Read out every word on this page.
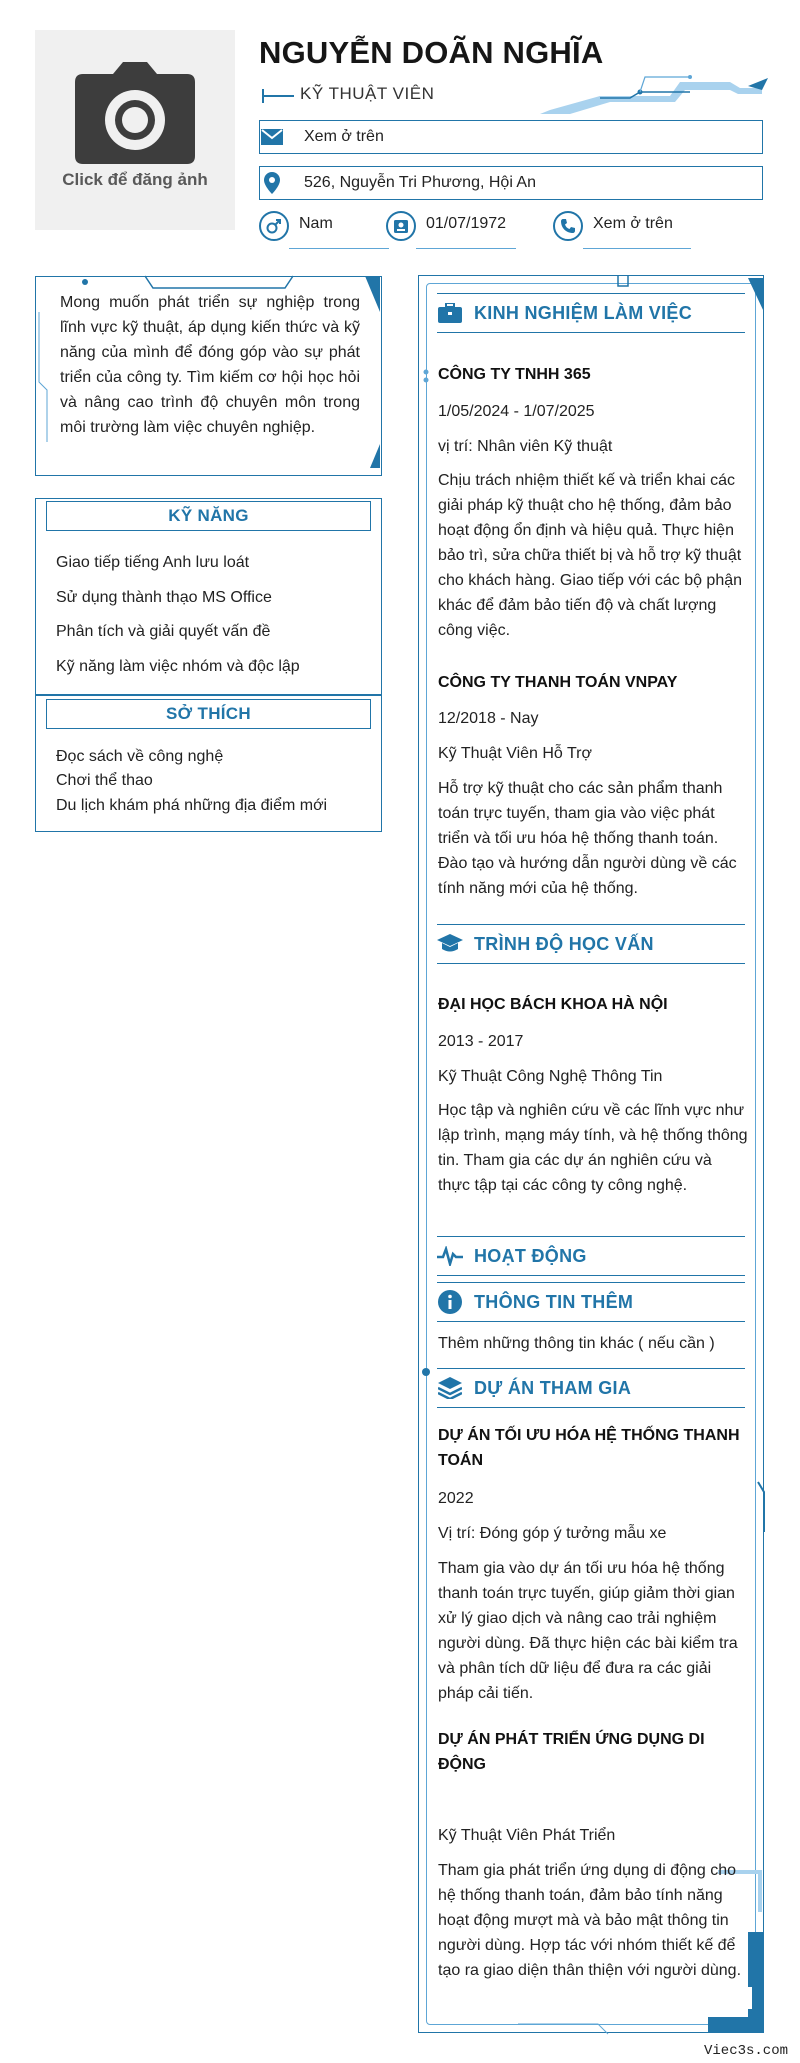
Click để đăng ảnh
NGUYỄN DOÃN NGHĨA
KỸ THUẬT VIÊN
Xem ở trên
526, Nguyễn Tri Phương, Hội An
Nam	01/07/1972	Xem ở trên
Mong muốn phát triển sự nghiệp trong lĩnh vực kỹ thuật, áp dụng kiến thức và kỹ năng của mình để đóng góp vào sự phát triển của công ty. Tìm kiếm cơ hội học hỏi và nâng cao trình độ chuyên môn trong môi trường làm việc chuyên nghiệp.
KỸ NĂNG
Giao tiếp tiếng Anh lưu loát
Sử dụng thành thạo MS Office
Phân tích và giải quyết vấn đề
Kỹ năng làm việc nhóm và độc lập
SỞ THÍCH
Đọc sách về công nghệ
Chơi thể thao
Du lịch khám phá những địa điểm mới
KINH NGHIỆM LÀM VIỆC
CÔNG TY TNHH 365
1/05/2024 - 1/07/2025
vị trí: Nhân viên Kỹ thuật
Chịu trách nhiệm thiết kế và triển khai các giải pháp kỹ thuật cho hệ thống, đảm bảo hoạt động ổn định và hiệu quả. Thực hiện bảo trì, sửa chữa thiết bị và hỗ trợ kỹ thuật cho khách hàng. Giao tiếp với các bộ phận khác để đảm bảo tiến độ và chất lượng công việc.
CÔNG TY THANH TOÁN VNPAY
12/2018 - Nay
Kỹ Thuật Viên Hỗ Trợ
Hỗ trợ kỹ thuật cho các sản phẩm thanh toán trực tuyến, tham gia vào việc phát triển và tối ưu hóa hệ thống thanh toán. Đào tạo và hướng dẫn người dùng về các tính năng mới của hệ thống.
TRÌNH ĐỘ HỌC VẤN
ĐẠI HỌC BÁCH KHOA HÀ NỘI
2013 - 2017
Kỹ Thuật Công Nghệ Thông Tin
Học tập và nghiên cứu về các lĩnh vực như lập trình, mạng máy tính, và hệ thống thông tin. Tham gia các dự án nghiên cứu và thực tập tại các công ty công nghệ.
HOẠT ĐỘNG
THÔNG TIN THÊM
Thêm những thông tin khác ( nếu cần )
DỰ ÁN THAM GIA
DỰ ÁN TỐI ƯU HÓA HỆ THỐNG THANH TOÁN
2022
Vị trí: Đóng góp ý tưởng mẫu xe
Tham gia vào dự án tối ưu hóa hệ thống thanh toán trực tuyến, giúp giảm thời gian xử lý giao dịch và nâng cao trải nghiệm người dùng. Đã thực hiện các bài kiểm tra và phân tích dữ liệu để đưa ra các giải pháp cải tiến.
DỰ ÁN PHÁT TRIỂN ỨNG DỤNG DI ĐỘNG
Kỹ Thuật Viên Phát Triển
Tham gia phát triển ứng dụng di động cho hệ thống thanh toán, đảm bảo tính năng hoạt động mượt mà và bảo mật thông tin người dùng. Hợp tác với nhóm thiết kế để tạo ra giao diện thân thiện với người dùng.
Viec3s.com
